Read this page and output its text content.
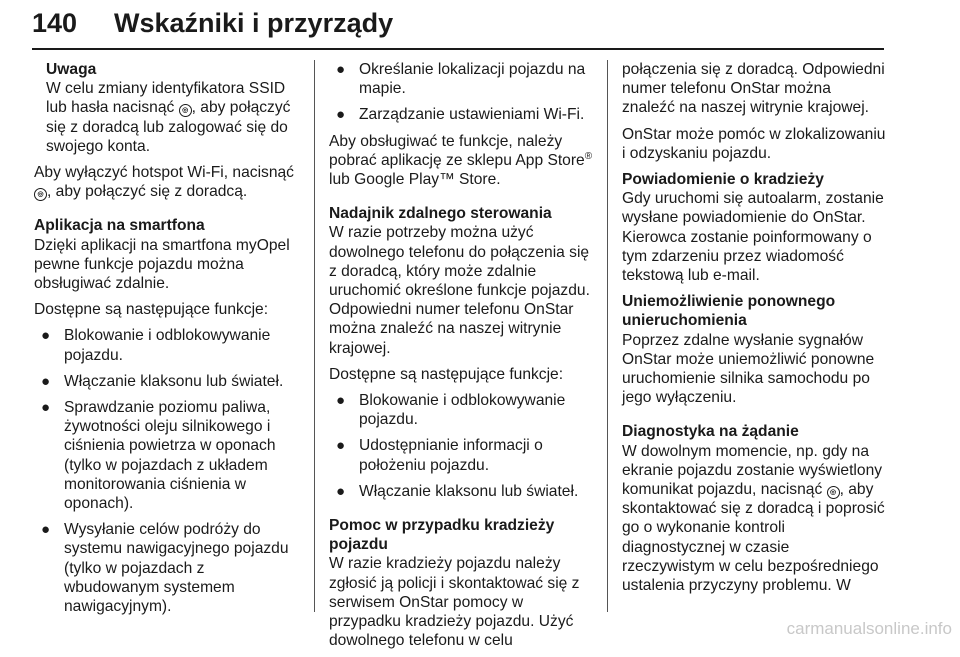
140 Wskaźniki i przyrządy
Uwaga
W celu zmiany identyfikatora SSID lub hasła nacisnąć ◎ , aby połączyć się z doradcą lub zalogować się do swojego konta.

Aby wyłączyć hotspot Wi-Fi, nacisnąć ◎ , aby połączyć się z doradcą.

Aplikacja na smartfona

Dzięki aplikacji na smartfona myOpel pewne funkcje pojazdu można obsługiwać zdalnie.

Dostępne są następujące funkcje:

● Blokowanie i odblokowywanie pojazdu.
● Włączanie klaksonu lub świateł.
● Sprawdzanie poziomu paliwa, żywotności oleju silnikowego i ciśnienia powietrza w oponach (tylko w pojazdach z układem monitorowania ciśnienia w oponach).
● Wysyłanie celów podróży do systemu nawigacyjnego pojazdu (tylko w pojazdach z wbudowanym systemem nawigacyjnym).
● Określanie lokalizacji pojazdu na mapie.
● Zarządzanie ustawieniami Wi-Fi.

Aby obsługiwać te funkcje, należy pobrać aplikację ze sklepu App Store® lub Google Play™ Store.

Nadajnik zdalnego sterowania

W razie potrzeby można użyć dowolnego telefonu do połączenia się z doradcą, który może zdalnie uruchomić określone funkcje pojazdu. Odpowiedni numer telefonu OnStar można znaleźć na naszej witrynie krajowej.

Dostępne są następujące funkcje:

● Blokowanie i odblokowywanie pojazdu.
● Udostępnianie informacji o położeniu pojazdu.
● Włączanie klaksonu lub świateł.
Pomoc w przypadku kradzieży pojazdu

W razie kradzieży pojazdu należy zgłosić ją policji i skontaktować się z serwisem OnStar pomocy w przypadku kradzieży pojazdu. Użyć dowolnego telefonu w celu

połączenia się z doradcą. Odpowiedni numer telefonu OnStar można znaleźć na naszej witrynie krajowej.

OnStar może pomóc w zlokalizowaniu i odzyskaniu pojazdu.

Powiadomienie o kradzieży

Gdy uruchomi się autoalarm, zostanie wysłane powiadomienie do OnStar. Kierowca zostanie poinformowany o tym zdarzeniu przez wiadomość tekstową lub e-mail.

Uniemożliwienie ponownego unieruchomienia

Poprzez zdalne wysłanie sygnałów OnStar może uniemożliwić ponowne uruchomienie silnika samochodu po jego wyłączeniu.

Diagnostyka na żądanie

W dowolnym momencie, np. gdy na ekranie pojazdu zostanie wyświetlony komunikat pojazdu, nacisnąć ◎ , aby skontaktować się z doradcą i poprosić go o wykonanie kontroli diagnostycznej w czasie rzeczywistym w celu bezpośredniego ustalenia przyczyny problemu. W

carmanualsonline.info
